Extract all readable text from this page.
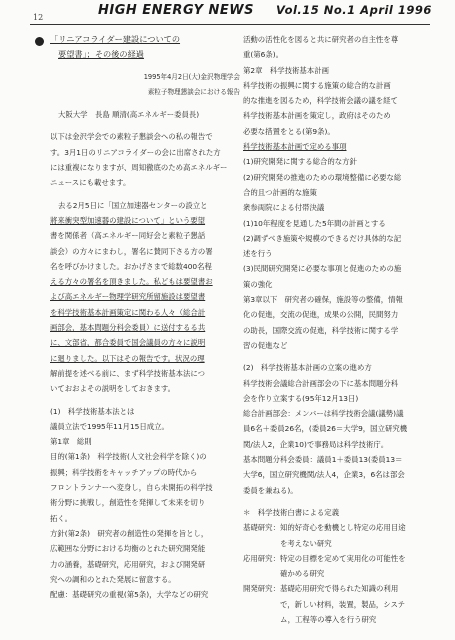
12	HIGH ENERGY NEWS Vol.15 No.1 April 1996
「リニアコライダー建設についての
要望書」；その後の経過
1995年4月2日(大)金沢物理学会
素粒子物理懇談会における報告
大阪大学　長島 順清(高エネルギー委員長)
以下は金沢学会での素粒子懇談会への私の報告で
す。3月1日のリニアコライダーの会に出席された方
には重複になりますが、周知徹底のため高エネルギー
ニュースにも載せます。
去る2月5日に「国立加速器センターの設立と
將来衝突型加速器の建設について」という要望
書を関係者（高エネルギー同好会と素粒子懇話
談会）の方々にまわし，署名に賛同下さる方の署
名を呼びかけました。おかげさまで総数400名程
える方々の署名を頂きました。私どもは要望書お
よび高エネルギー物理学研究所留施設は要望書
を科学技術基本計画策定に関わる人々（総合計
画部会，基本問題分科会委員）に送付するる共
に、文部省，都合委員で国会議員の方々に説明
に廻りました。以下はその報告です。状況の理
解前提を述べる前に、まず科学技術基本法につ
いておおよその説明をしておきます。
(1)　科学技術基本法とは
議員立法で1995年11月15日成立。
第1章　総則
目的(第1条)　科学技術(人文社会科学を除く)の
振興；科学技術をキャッチアップの時代から
フロントランナーへ変身し，自ら未開拓の科学技
術分野に挑戦し，創造性を発揮して未来を切り
拓く。
方針(第2条)　研究者の創造性の発揮を旨とし，
広範囲な分野における均衡のとれた研究開発能
力の涵養，基礎研究，応用研究，および開発研
究への調和のとれた発展に留意する。
配慮：基礎研究の重視(第5条)，大学などの研究
活動の活性化を図ると共に研究者の自主性を尊
重(第6条)。
第2章　科学技術基本計画
科学技術の振興に関する施策の総合的な計画
的な推進を図るため，科学技術会議の議を経て
科学技術基本計画を策定し，政府はそのため
必要な措置をとる(第9条)。
科学技術基本計画で定める事項
(1)研究開発に関する総合的な方針
(2)研究開発の推進のための環境整備に必要な総
合的且つ計画的な施策
衆参両院による付帯決議
(1)10年程度を見通した5年間の計画とする
(2)調ずべき施策や規模のできるだけ具体的な記
述を行う
(3)民間研究開発に必要な事項と促進のための施
策の強化
第3章以下　研究者の確保，施設等の整備，情報
化の促進，交流の促進，成果の公開，民間努力
の助長，国際交流の促進，科学技術に関する学
習の促進など
(2)　科学技術基本計画の立案の進め方
科学技術会議総合計画部会の下に基本問題分科
会を作り立案する(95年12月13日)
総合計画部会：メンバーは科学技術会議(議勢)議
員6名＋委員26名，(委員26＝大学9，国立研究機
関/法人2，企業10)で事務局は科学技術庁。
基本問題分科会委員：議員1＋委員13(委員13＝
大学6，国立研究機関/法人4，企業3，6名は部会
委員を兼ねる)。
＊　科学技術白書による定義
基礎研究：知的好奇心を動機とし特定の応用目途
　　　　　を考えない研究
応用研究：特定の目標を定めて実用化の可能性を
　　　　　確かめる研究
開発研究：基礎応用研究で得られた知識の利用
　　　　　で，新しい材料，装置，製品，システ
　　　　　ム，工程等の導入を行う研究
